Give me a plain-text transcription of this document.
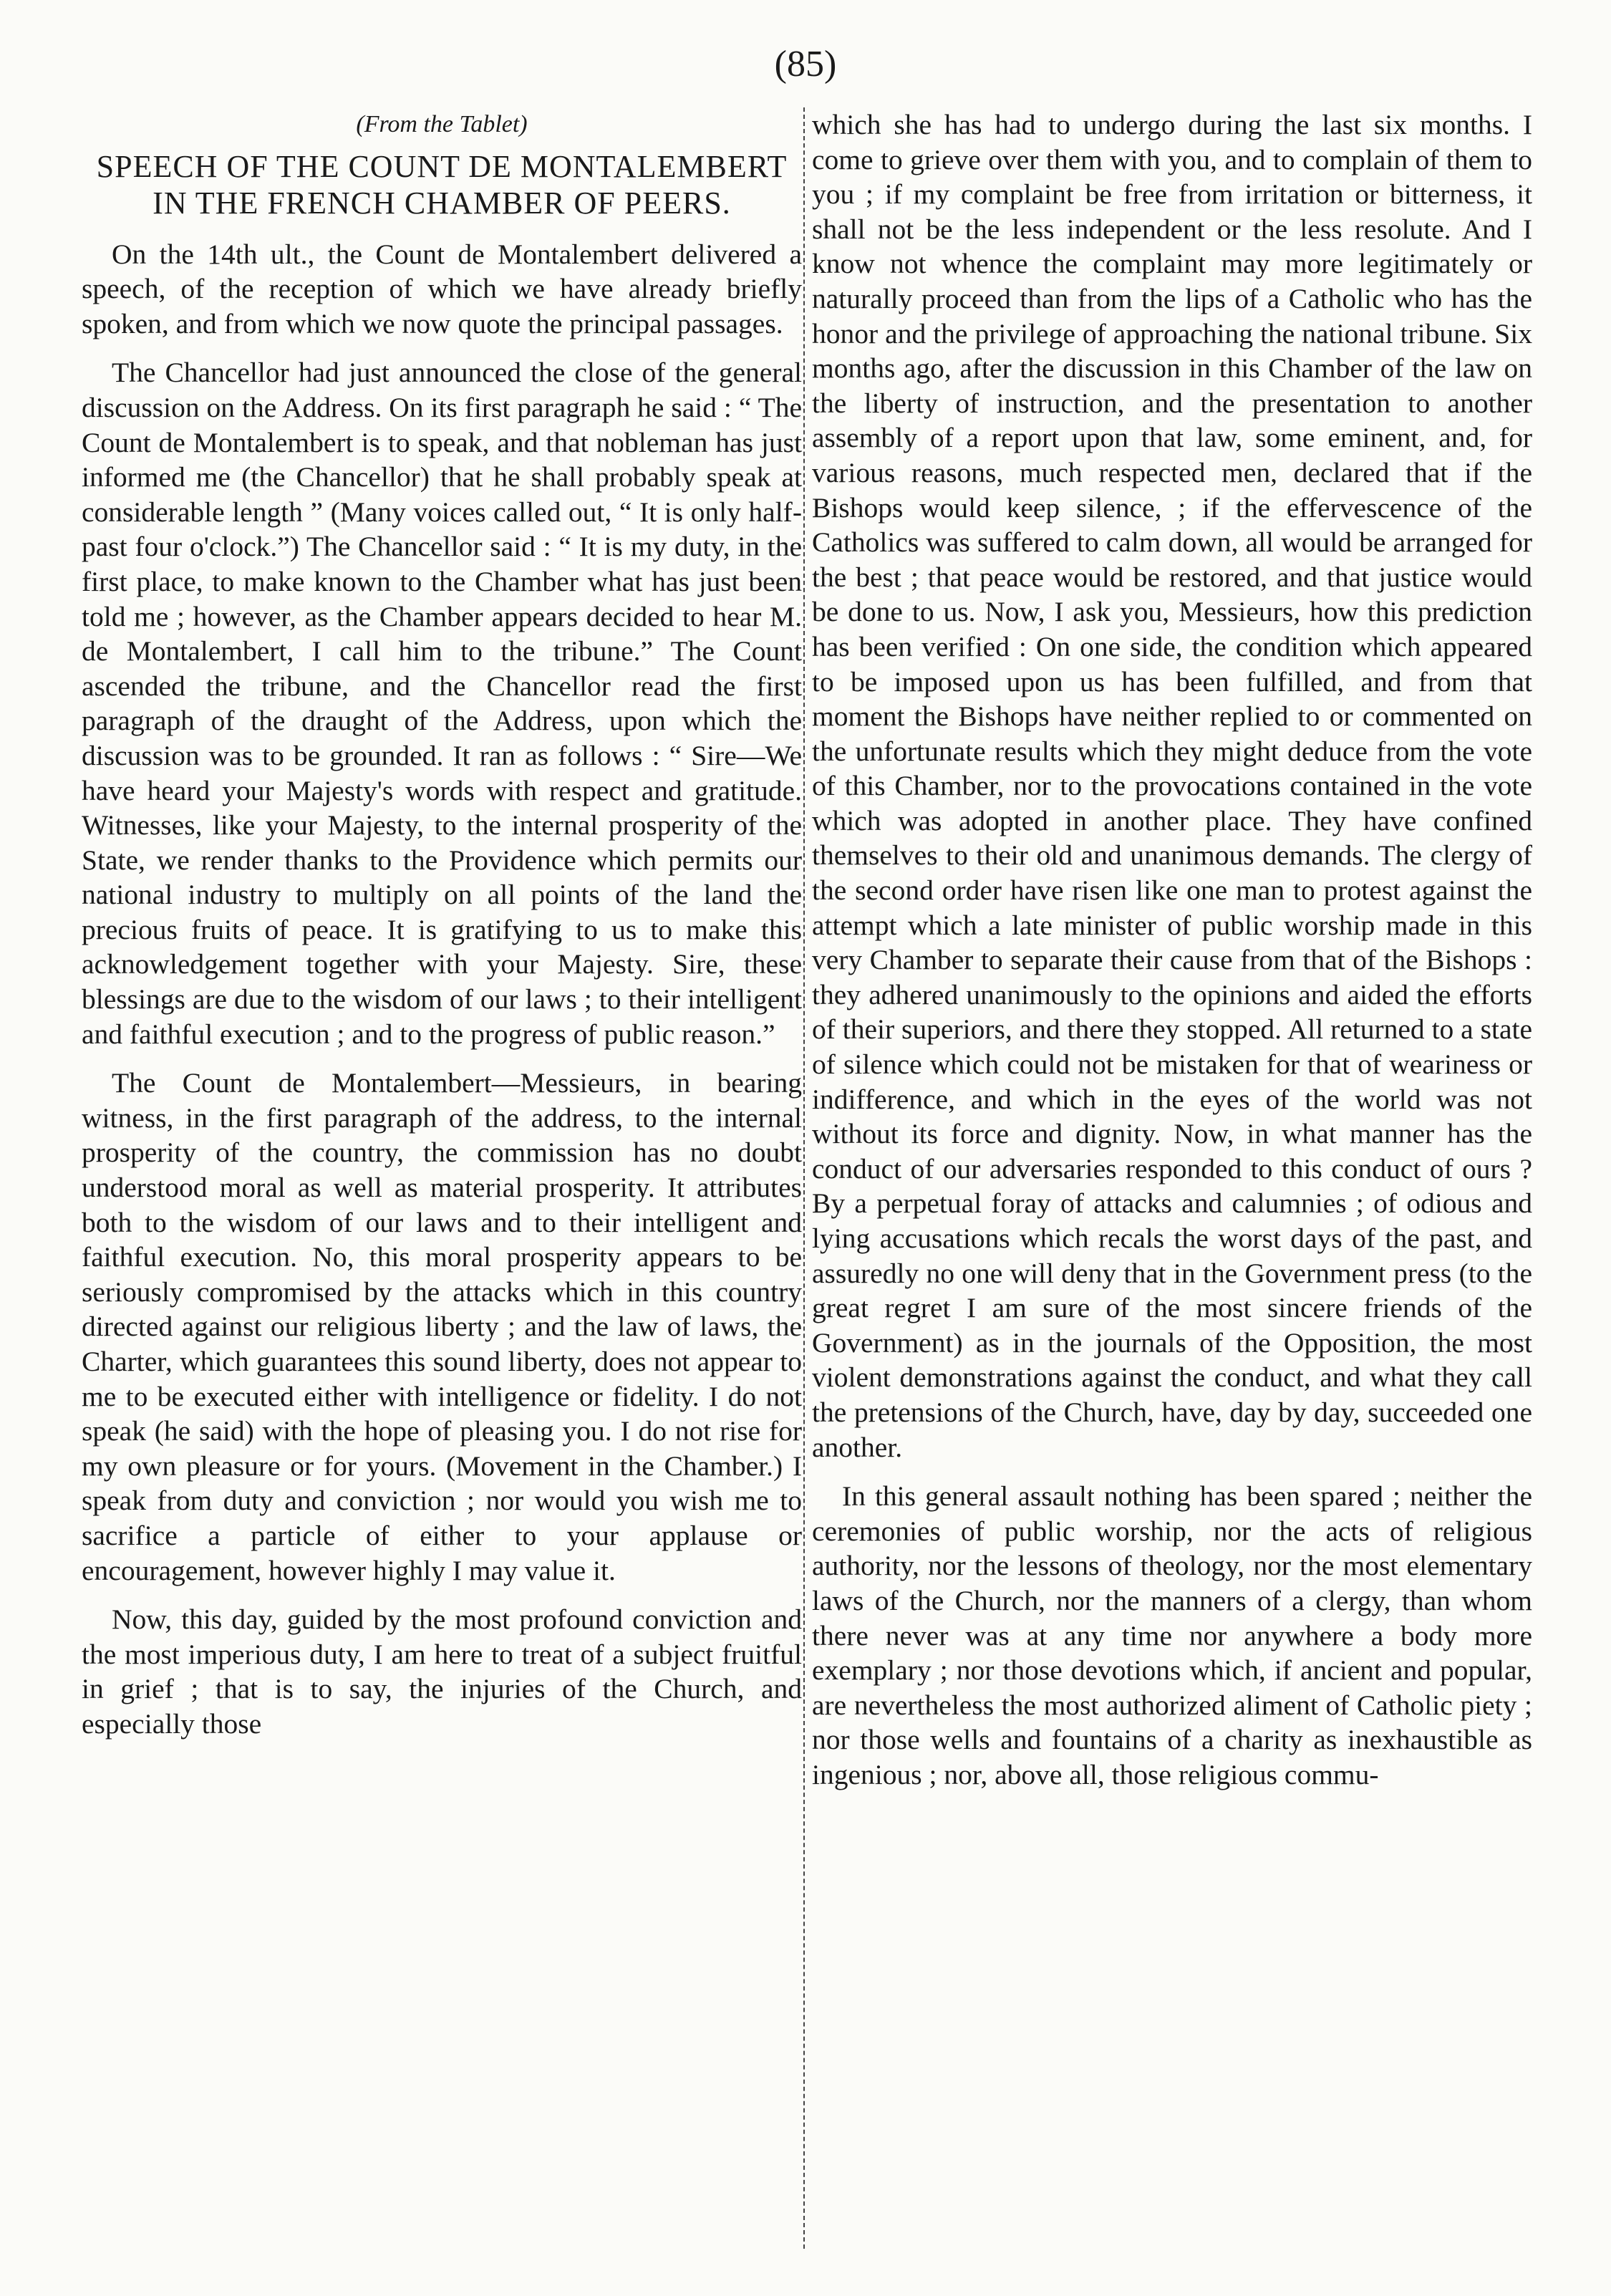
(85)
(From the Tablet)
SPEECH OF THE COUNT DE MONTALEMBERT IN THE FRENCH CHAMBER OF PEERS.

On the 14th ult., the Count de Montalembert delivered a speech, of the reception of which we have already briefly spoken, and from which we now quote the principal passages.

The Chancellor had just announced the close of the general discussion on the Address. On its first paragraph he said : “ The Count de Montalembert is to speak, and that nobleman has just informed me (the Chancellor) that he shall probably speak at considerable length ” (Many voices called out, “ It is only half-past four o'clock.”) The Chancellor said : “ It is my duty, in the first place, to make known to the Chamber what has just been told me ; however, as the Chamber appears decided to hear M. de Montalembert, I call him to the tribune.” The Count ascended the tribune, and the Chancellor read the first paragraph of the draught of the Address, upon which the discussion was to be grounded. It ran as follows : “ Sire—We have heard your Majesty's words with respect and gratitude. Witnesses, like your Majesty, to the internal prosperity of the State, we render thanks to the Providence which permits our national industry to multiply on all points of the land the precious fruits of peace. It is gratifying to us to make this acknowledgement together with your Majesty. Sire, these blessings are due to the wisdom of our laws ; to their intelligent and faithful execution ; and to the progress of public reason.”

The Count de Montalembert—Messieurs, in bearing witness, in the first paragraph of the address, to the internal prosperity of the country, the commission has no doubt understood moral as well as material prosperity. It attributes both to the wisdom of our laws and to their intelligent and faithful execution. No, this moral prosperity appears to be seriously compromised by the attacks which in this country directed against our religious liberty ; and the law of laws, the Charter, which guarantees this sound liberty, does not appear to me to be executed either with intelligence or fidelity. I do not speak (he said) with the hope of pleasing you. I do not rise for my own pleasure or for yours. (Movement in the Chamber.) I speak from duty and conviction ; nor would you wish me to sacrifice a particle of either to your applause or encouragement, however highly I may value it.

Now, this day, guided by the most profound conviction and the most imperious duty, I am here to treat of a subject fruitful in grief ; that is to say, the injuries of the Church, and especially those

which she has had to undergo during the last six months. I come to grieve over them with you, and to complain of them to you ; if my complaint be free from irritation or bitterness, it shall not be the less independent or the less resolute. And I know not whence the complaint may more legitimately or naturally proceed than from the lips of a Catholic who has the honor and the privilege of approaching the national tribune. Six months ago, after the discussion in this Chamber of the law on the liberty of instruction, and the presentation to another assembly of a report upon that law, some eminent, and, for various reasons, much respected men, declared that if the Bishops would keep silence, ; if the effervescence of the Catholics was suffered to calm down, all would be arranged for the best ; that peace would be restored, and that justice would be done to us. Now, I ask you, Messieurs, how this prediction has been verified : On one side, the condition which appeared to be imposed upon us has been fulfilled, and from that moment the Bishops have neither replied to or commented on the unfortunate results which they might deduce from the vote of this Chamber, nor to the provocations contained in the vote which was adopted in another place. They have confined themselves to their old and unanimous demands. The clergy of the second order have risen like one man to protest against the attempt which a late minister of public worship made in this very Chamber to separate their cause from that of the Bishops : they adhered unanimously to the opinions and aided the efforts of their superiors, and there they stopped. All returned to a state of silence which could not be mistaken for that of weariness or indifference, and which in the eyes of the world was not without its force and dignity. Now, in what manner has the conduct of our adversaries responded to this conduct of ours ? By a perpetual foray of attacks and calumnies ; of odious and lying accusations which recals the worst days of the past, and assuredly no one will deny that in the Government press (to the great regret I am sure of the most sincere friends of the Government) as in the journals of the Opposition, the most violent demonstrations against the conduct, and what they call the pretensions of the Church, have, day by day, succeeded one another.

In this general assault nothing has been spared ; neither the ceremonies of public worship, nor the acts of religious authority, nor the lessons of theology, nor the most elementary laws of the Church, nor the manners of a clergy, than whom there never was at any time nor anywhere a body more exemplary ; nor those devotions which, if ancient and popular, are nevertheless the most authorized aliment of Catholic piety ; nor those wells and fountains of a charity as inexhaustible as ingenious ; nor, above all, those religious commu-
